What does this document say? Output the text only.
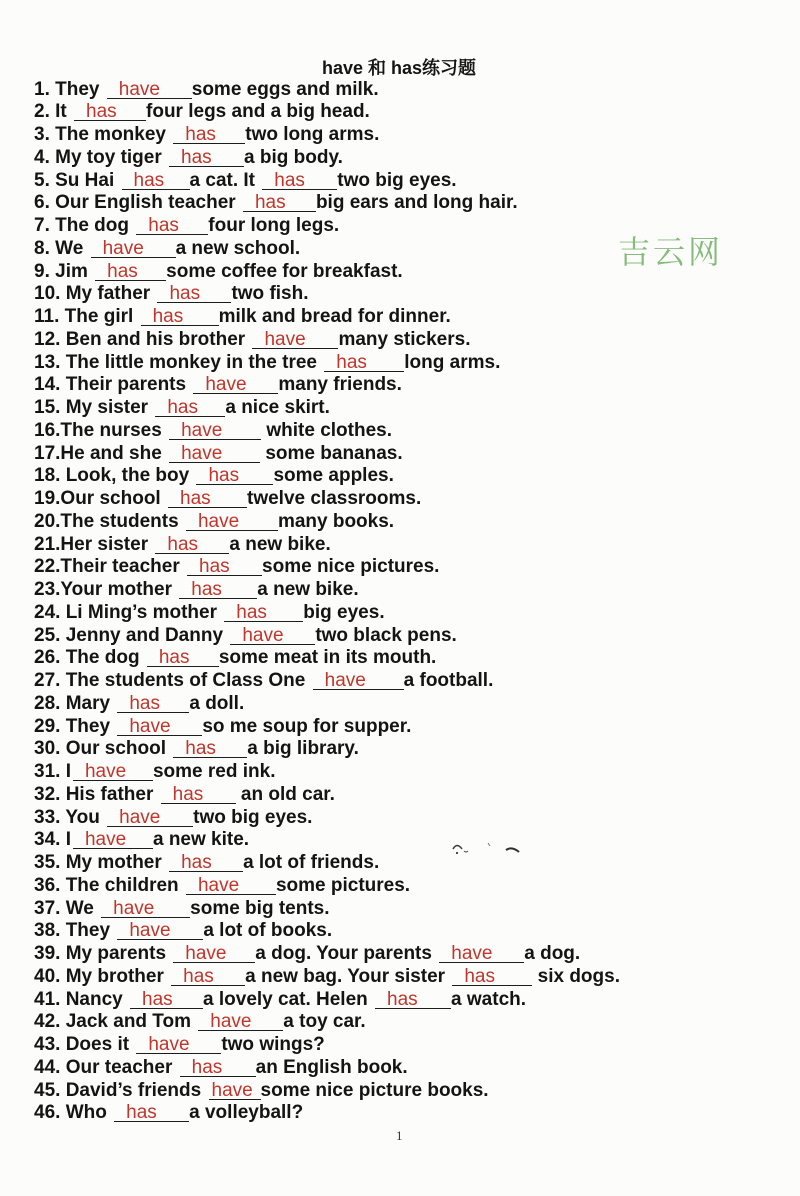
have 和 has练习题
1. They have some eggs and milk.
2. It has four legs and a big head.
3. The monkey has two long arms.
4. My toy tiger has a big body.
5. Su Hai has a cat. It has two big eyes.
6. Our English teacher has big ears and long hair.
7. The dog has four long legs.
8. We have a new school.
9. Jim has some coffee for breakfast.
10. My father has two fish.
11. The girl has milk and bread for dinner.
12. Ben and his brother have many stickers.
13. The little monkey in the tree has long arms.
14. Their parents have many friends.
15. My sister has a nice skirt.
16.The nurses have white clothes.
17.He and she have some bananas.
18. Look, the boy has some apples.
19.Our school has twelve classrooms.
20.The students have many books.
21.Her sister has a new bike.
22.Their teacher has some nice pictures.
23.Your mother has a new bike.
24. Li Ming’s mother has big eyes.
25. Jenny and Danny have two black pens.
26. The dog has some meat in its mouth.
27. The students of Class One have a football.
28. Mary has a doll.
29. They have so me soup for supper.
30. Our school has a big library.
31. I have some red ink.
32. His father has an old car.
33. You have two big eyes.
34. I have a new kite.
35. My mother has a lot of friends.
36. The children have some pictures.
37. We have some big tents.
38. They have a lot of books.
39. My parents have a dog. Your parents have a dog.
40. My brother has a new bag. Your sister has six dogs.
41. Nancy has a lovely cat. Helen has a watch.
42. Jack and Tom have a toy car.
43. Does it have two wings?
44. Our teacher has an English book.
45. David’s friends have some nice picture books.
46. Who has a volleyball?
吉云网
1
